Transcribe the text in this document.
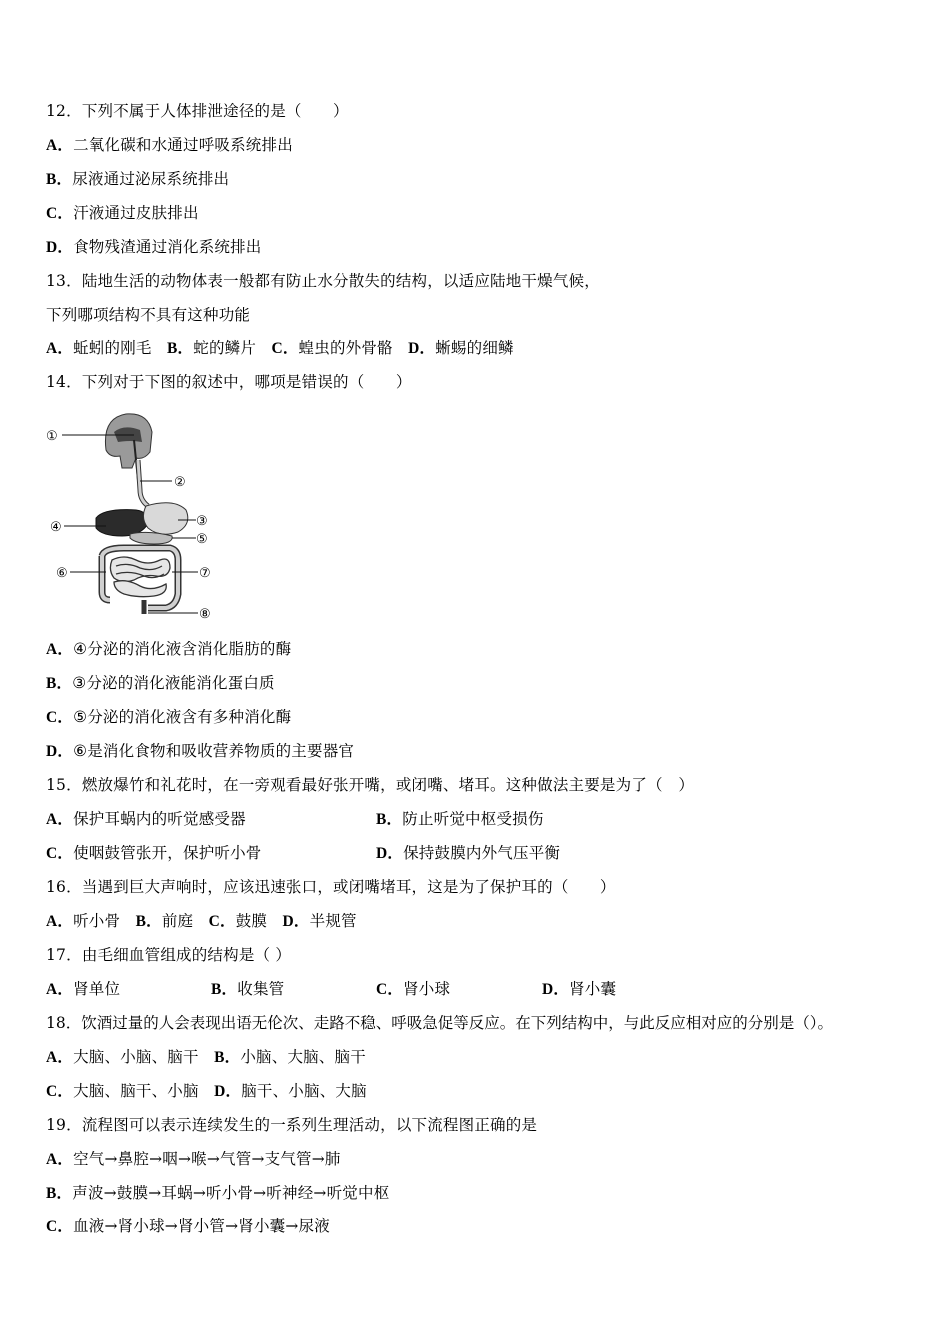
12．下列不属于人体排泄途径的是（　　）
A．二氧化碳和水通过呼吸系统排出
B．尿液通过泌尿系统排出
C．汗液通过皮肤排出
D．食物残渣通过消化系统排出
13．陆地生活的动物体表一般都有防止水分散失的结构，以适应陆地干燥气候，
下列哪项结构不具有这种功能
A．蚯蚓的刚毛 B．蛇的鳞片 C．蝗虫的外骨骼 D．蜥蜴的细鳞
14．下列对于下图的叙述中，哪项是错误的（　　）
①
②
③
④
⑤
⑥	⑦
⑧
A．④分泌的消化液含消化脂肪的酶
B．③分泌的消化液能消化蛋白质
C．⑤分泌的消化液含有多种消化酶
D．⑥是消化食物和吸收营养物质的主要器官
15．燃放爆竹和礼花时，在一旁观看最好张开嘴，或闭嘴、堵耳。这种做法主要是为了（　）
A．保护耳蜗内的听觉感受器	B．防止听觉中枢受损伤
C．使咽鼓管张开，保护听小骨	D．保持鼓膜内外气压平衡
16．当遇到巨大声响时，应该迅速张口，或闭嘴堵耳，这是为了保护耳的（　　）
A．听小骨 B．前庭 C．鼓膜 D．半规管
17．由毛细血管组成的结构是（ ）
A．肾单位	B．收集管	C．肾小球	D．肾小囊
18．饮酒过量的人会表现出语无伦次、走路不稳、呼吸急促等反应。在下列结构中，与此反应相对应的分别是（）。
A．大脑、小脑、脑干 B．小脑、大脑、脑干
C．大脑、脑干、小脑 D．脑干、小脑、大脑
19．流程图可以表示连续发生的一系列生理活动，以下流程图正确的是
A．空气→鼻腔→咽→喉→气管→支气管→肺
B．声波→鼓膜→耳蜗→听小骨→听神经→听觉中枢
C．血液→肾小球→肾小管→肾小囊→尿液
